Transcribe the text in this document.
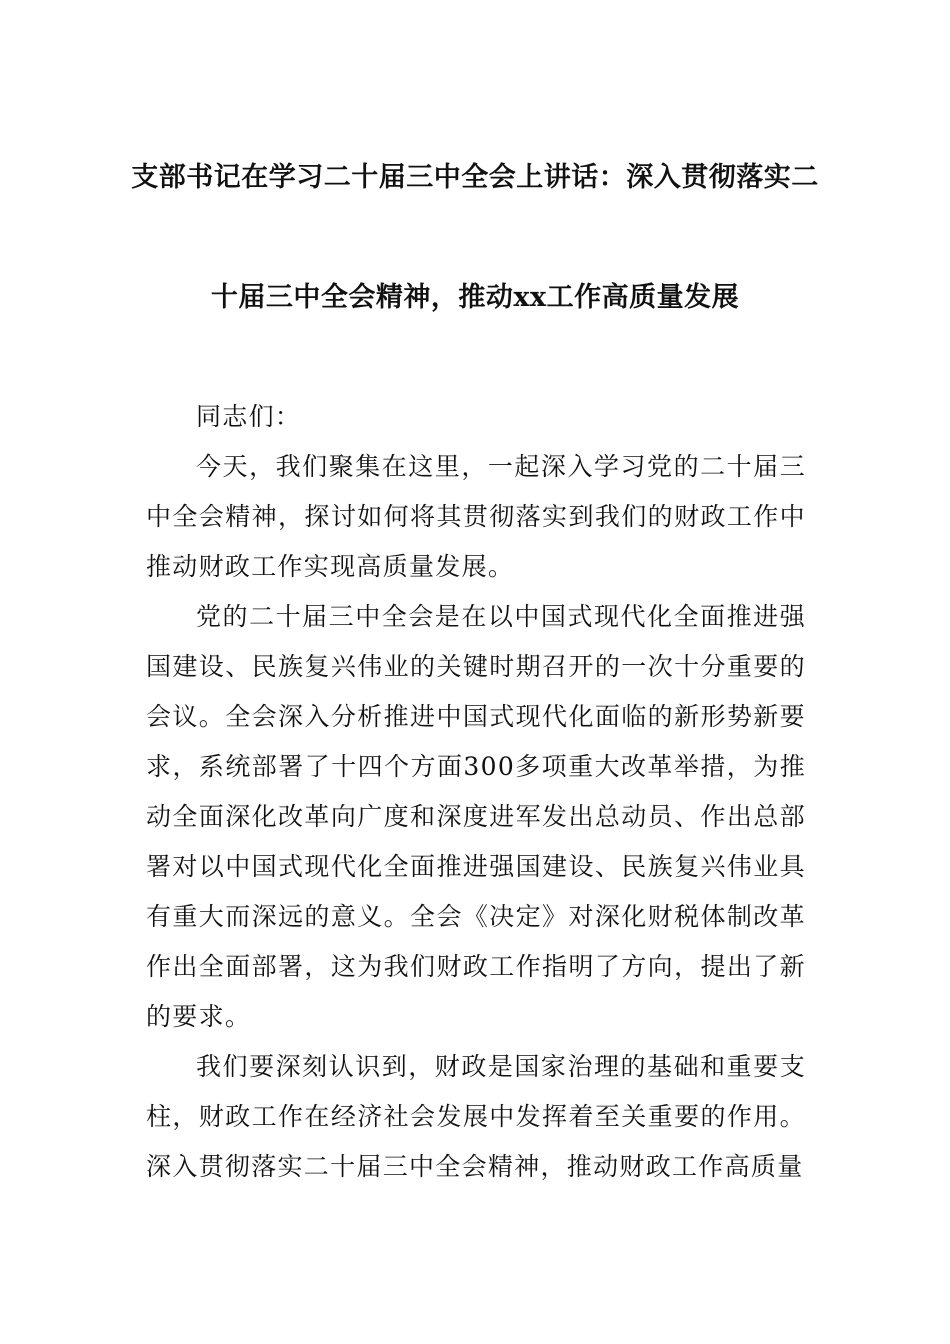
支部书记在学习二十届三中全会上讲话：深入贯彻落实二
十届三中全会精神，推动xx工作高质量发展

同志们：

今天，我们聚集在这里，一起深入学习党的二十届三中全会精神，探讨如何将其贯彻落实到我们的财政工作中推动财政工作实现高质量发展。

党的二十届三中全会是在以中国式现代化全面推进强国建设、民族复兴伟业的关键时期召开的一次十分重要的会议。全会深入分析推进中国式现代化面临的新形势新要求，系统部署了十四个方面300多项重大改革举措，为推动全面深化改革向广度和深度进军发出总动员、作出总部署对以中国式现代化全面推进强国建设、民族复兴伟业具有重大而深远的意义。全会《决定》对深化财税体制改革作出全面部署，这为我们财政工作指明了方向，提出了新的要求。

我们要深刻认识到，财政是国家治理的基础和重要支柱，财政工作在经济社会发展中发挥着至关重要的作用。深入贯彻落实二十届三中全会精神，推动财政工作高质量
